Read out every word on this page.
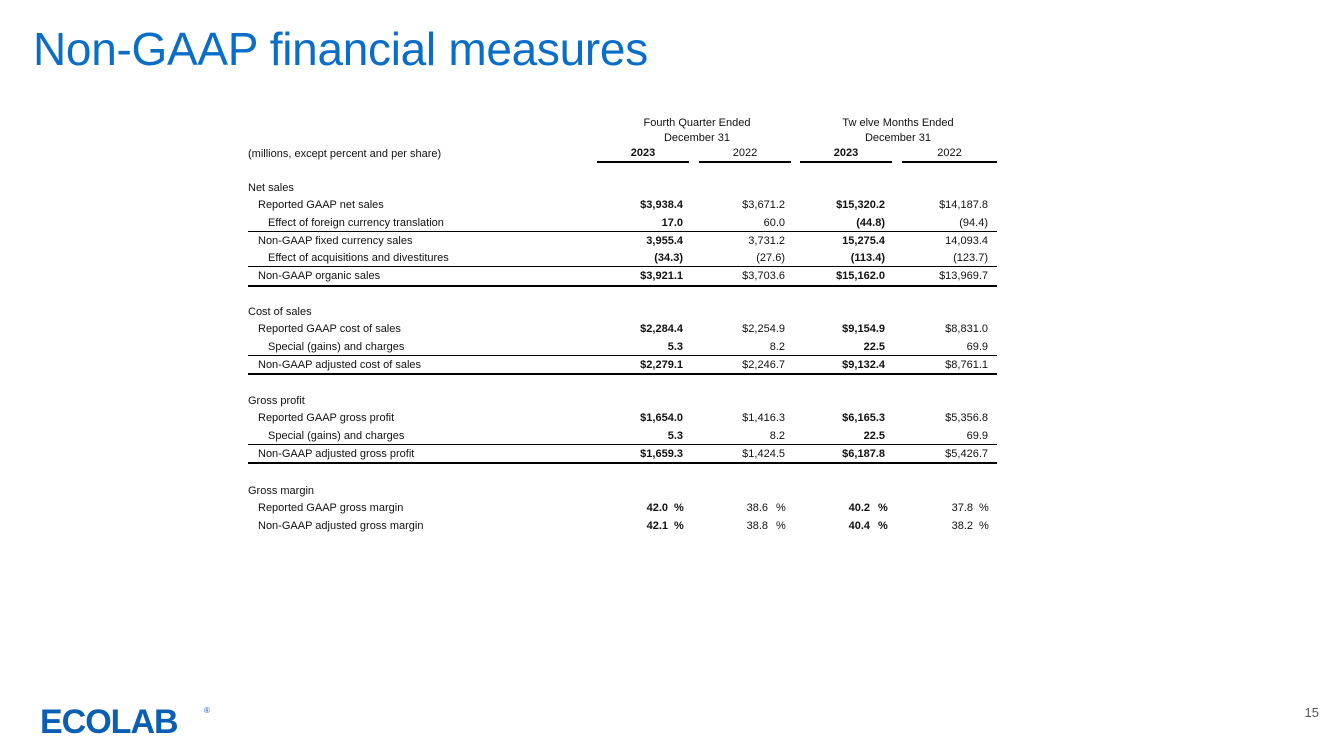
Non-GAAP financial measures
Fourth Quarter Ended
December 31
Tw elve Months Ended
December 31
(millions, except percent and per share)	2023	2022	2023	2022
Net sales
Reported GAAP net sales	$3,938.4	$3,671.2	$15,320.2	$14,187.8
Effect of foreign currency translation	17.0	60.0	(44.8)	(94.4)
Non-GAAP fixed currency sales	3,955.4	3,731.2	15,275.4	14,093.4
Effect of acquisitions and divestitures	(34.3)	(27.6)	(113.4)	(123.7)
Non-GAAP organic sales	$3,921.1	$3,703.6	$15,162.0	$13,969.7
Cost of sales
Reported GAAP cost of sales	$2,284.4	$2,254.9	$9,154.9	$8,831.0
Special (gains) and charges	5.3	8.2	22.5	69.9
Non-GAAP adjusted cost of sales	$2,279.1	$2,246.7	$9,132.4	$8,761.1
Gross profit
Reported GAAP gross profit	$1,654.0	$1,416.3	$6,165.3	$5,356.8
Special (gains) and charges	5.3	8.2	22.5	69.9
Non-GAAP adjusted gross profit	$1,659.3	$1,424.5	$6,187.8	$5,426.7
Gross margin
Reported GAAP gross margin	42.0 %	38.6 %	40.2 %	37.8 %
Non-GAAP adjusted gross margin	42.1 %	38.8 %	40.4 %	38.2 %
ECOLAB	®	15
